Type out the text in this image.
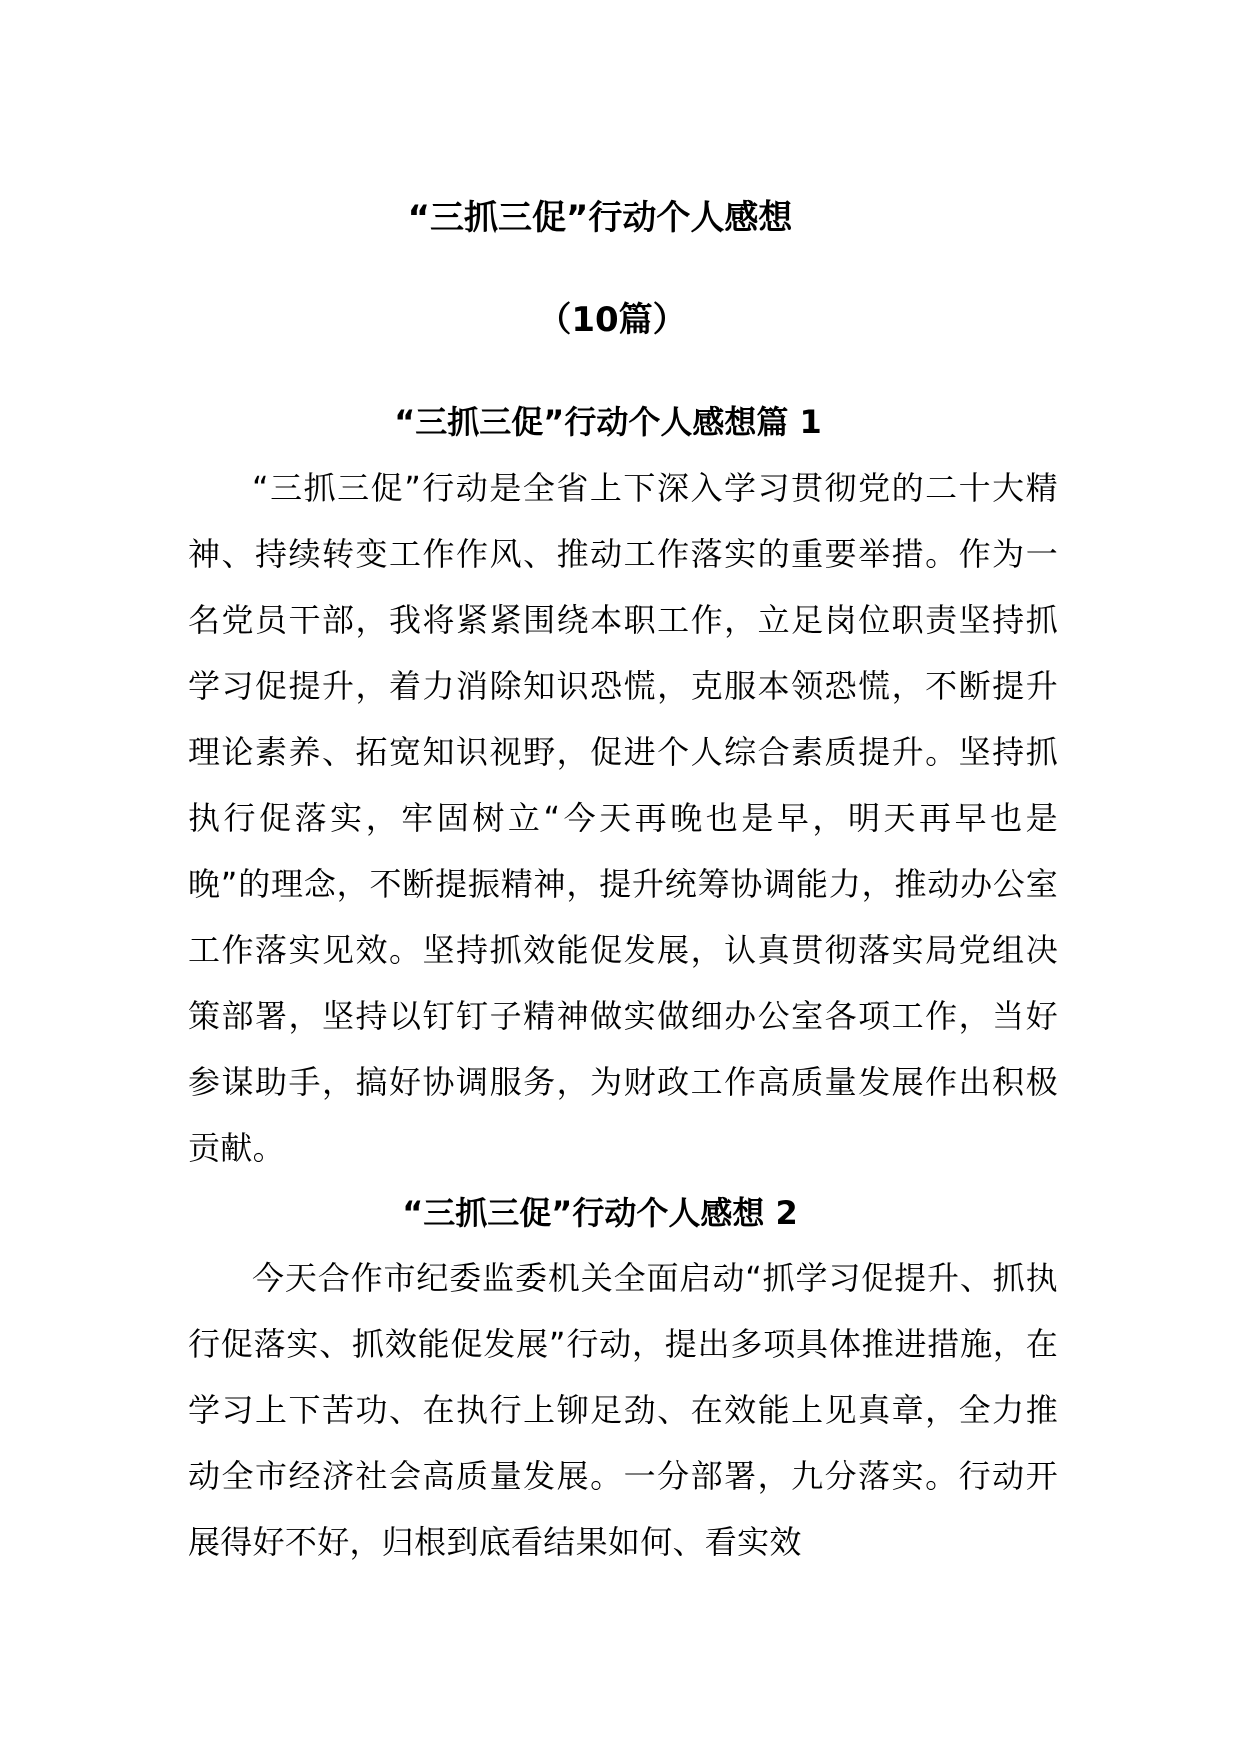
“三抓三促”行动个人感想
（10篇）
“三抓三促”行动个人感想篇 1

“三抓三促”行动是全省上下深入学习贯彻党的二十大精神、持续转变工作作风、推动工作落实的重要举措。作为一名党员干部，我将紧紧围绕本职工作，立足岗位职责坚持抓学习促提升，着力消除知识恐慌，克服本领恐慌，不断提升理论素养、拓宽知识视野，促进个人综合素质提升。坚持抓执行促落实，牢固树立“今天再晚也是早，明天再早也是晚”的理念，不断提振精神，提升统筹协调能力，推动办公室工作落实见效。坚持抓效能促发展，认真贯彻落实局党组决策部署，坚持以钉钉子精神做实做细办公室各项工作，当好参谋助手，搞好协调服务，为财政工作高质量发展作出积极贡献。

“三抓三促”行动个人感想 2

今天合作市纪委监委机关全面启动“抓学习促提升、抓执行促落实、抓效能促发展”行动，提出多项具体推进措施，在学习上下苦功、在执行上铆足劲、在效能上见真章，全力推动全市经济社会高质量发展。一分部署，九分落实。行动开展得好不好，归根到底看结果如何、看实效
